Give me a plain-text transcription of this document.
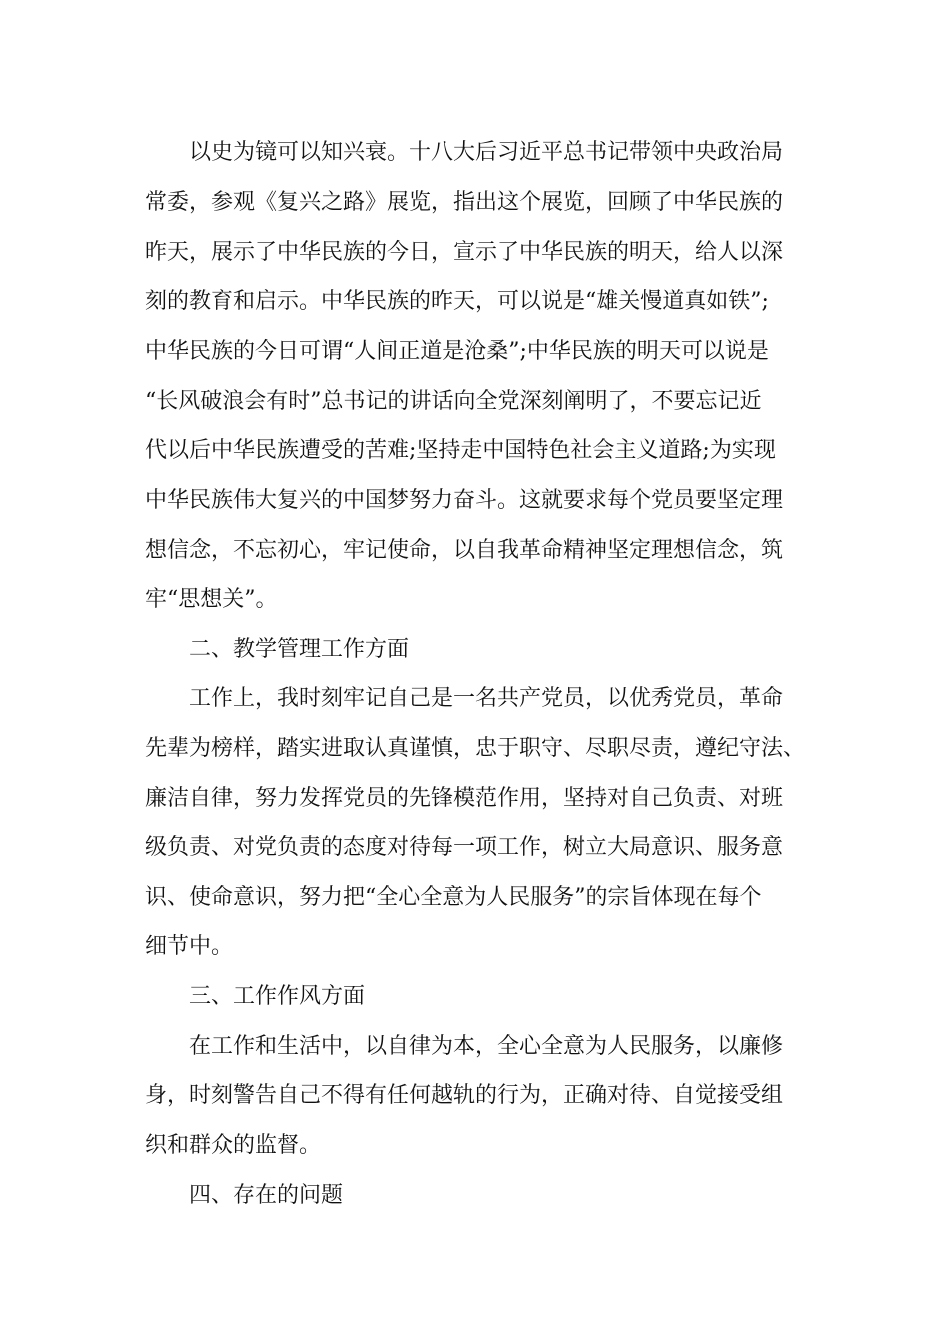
以史为镜可以知兴衰。十八大后习近平总书记带领中央政治局

常委，参观《复兴之路》展览，指出这个展览，回顾了中华民族的

昨天，展示了中华民族的今日，宣示了中华民族的明天，给人以深

刻的教育和启示。中华民族的昨天，可以说是“雄关慢道真如铁”;

中华民族的今日可谓“人间正道是沧桑”;中华民族的明天可以说是

“长风破浪会有时”总书记的讲话向全党深刻阐明了，不要忘记近

代以后中华民族遭受的苦难;坚持走中国特色社会主义道路;为实现

中华民族伟大复兴的中国梦努力奋斗。这就要求每个党员要坚定理

想信念，不忘初心，牢记使命，以自我革命精神坚定理想信念，筑

牢“思想关”。

二、教学管理工作方面

工作上，我时刻牢记自己是一名共产党员，以优秀党员，革命

先辈为榜样，踏实进取认真谨慎，忠于职守、尽职尽责，遵纪守法、

廉洁自律，努力发挥党员的先锋模范作用，坚持对自己负责、对班

级负责、对党负责的态度对待每一项工作，树立大局意识、服务意

识、使命意识，努力把“全心全意为人民服务”的宗旨体现在每个

细节中。

三、工作作风方面

在工作和生活中，以自律为本，全心全意为人民服务，以廉修

身，时刻警告自己不得有任何越轨的行为，正确对待、自觉接受组

织和群众的监督。

四、存在的问题
